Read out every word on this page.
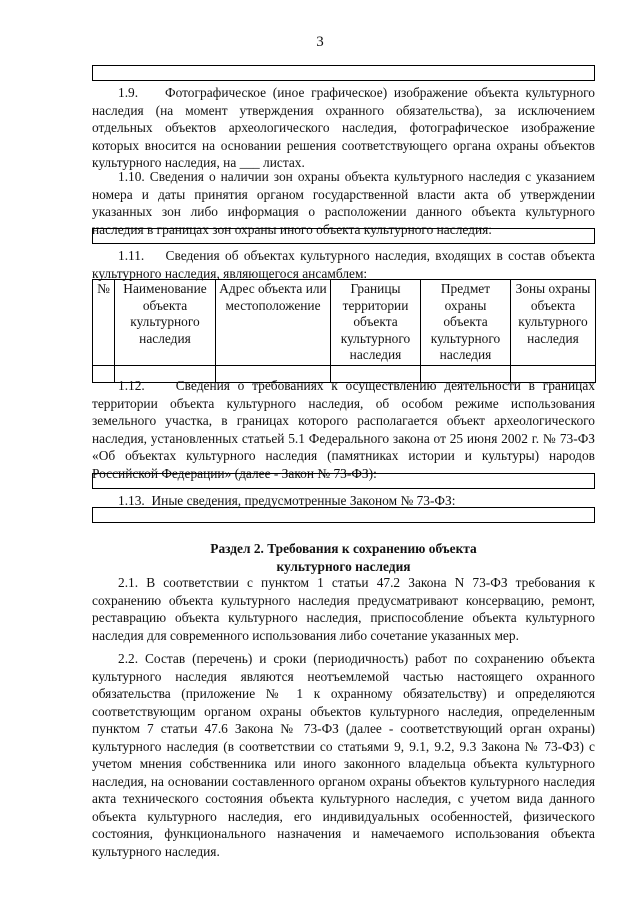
3

1.9.    Фотографическое (иное графическое) изображение объекта культурного наследия (на момент утверждения охранного обязательства), за исключением отдельных объектов археологического наследия, фотографическое изображение которых вносится на основании решения соответствующего органа охраны объектов культурного наследия, на ___ листах.

1.10. Сведения о наличии зон охраны объекта культурного наследия с указанием номера и даты принятия органом государственной власти акта об утверждении указанных зон либо информация о расположении данного объекта культурного наследия в границах зон охраны иного объекта культурного наследия:

1.11.    Сведения об объектах культурного наследия, входящих в состав объекта культурного наследия, являющегося ансамблем:

№	Наименование объекта культурного наследия	Адрес объекта или местоположение	Границы территории объекта культурного наследия	Предмет охраны объекта культурного наследия	Зоны охраны объекта культурного наследия

1.12.    Сведения о требованиях к осуществлению деятельности в границах территории объекта культурного наследия, об особом режиме использования земельного участка, в границах которого располагается объект археологического наследия, установленных статьей 5.1 Федерального закона от 25 июня 2002 г. № 73-ФЗ «Об объектах культурного наследия (памятниках истории и культуры) народов Российской Федерации» (далее - Закон № 73-ФЗ):

1.13.  Иные сведения, предусмотренные Законом № 73-ФЗ:

Раздел 2. Требования к сохранению объекта
культурного наследия

2.1. В соответствии с пунктом 1 статьи 47.2 Закона N 73-ФЗ требования к сохранению объекта культурного наследия предусматривают консервацию, ремонт, реставрацию объекта культурного наследия, приспособление объекта культурного наследия для современного использования либо сочетание указанных мер.

2.2. Состав (перечень) и сроки (периодичность) работ по сохранению объекта культурного наследия являются неотъемлемой частью настоящего охранного обязательства (приложение № 1 к охранному обязательству) и определяются соответствующим органом охраны объектов культурного наследия, определенным пунктом 7 статьи 47.6 Закона № 73-ФЗ (далее - соответствующий орган охраны) культурного наследия (в соответствии со статьями 9, 9.1, 9.2, 9.3 Закона № 73-ФЗ) с учетом мнения собственника или иного законного владельца объекта культурного наследия, на основании составленного органом охраны объектов культурного наследия акта технического состояния объекта культурного наследия, с учетом вида данного объекта культурного наследия, его индивидуальных особенностей, физического состояния, функционального назначения и намечаемого использования объекта культурного наследия.
